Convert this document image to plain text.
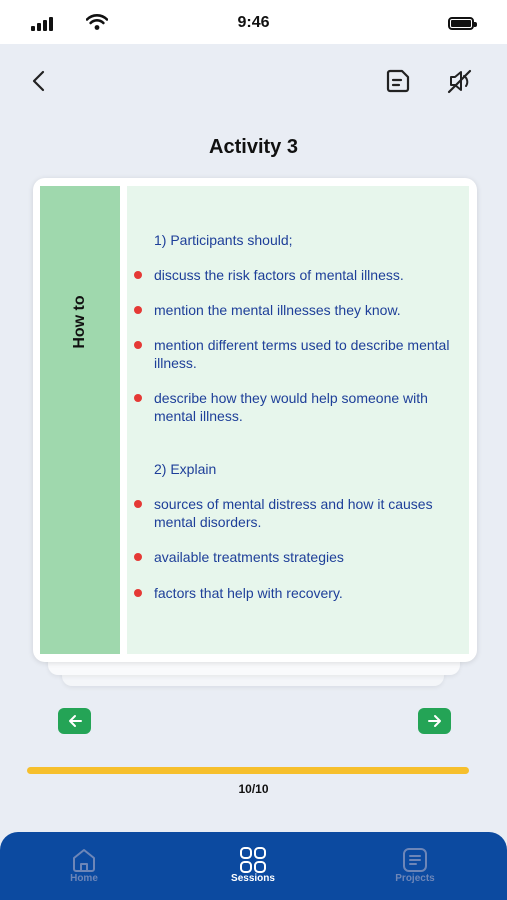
9:46
Activity 3
How to
1) Participants should;
discuss the risk factors of mental illness.
mention the mental illnesses they know.
mention different terms used to describe mental illness.
describe how they would help someone with mental illness.
2) Explain
sources of mental distress and how it causes mental disorders.
available treatments strategies
factors that help with recovery.
10/10
Home	Sessions	Projects
